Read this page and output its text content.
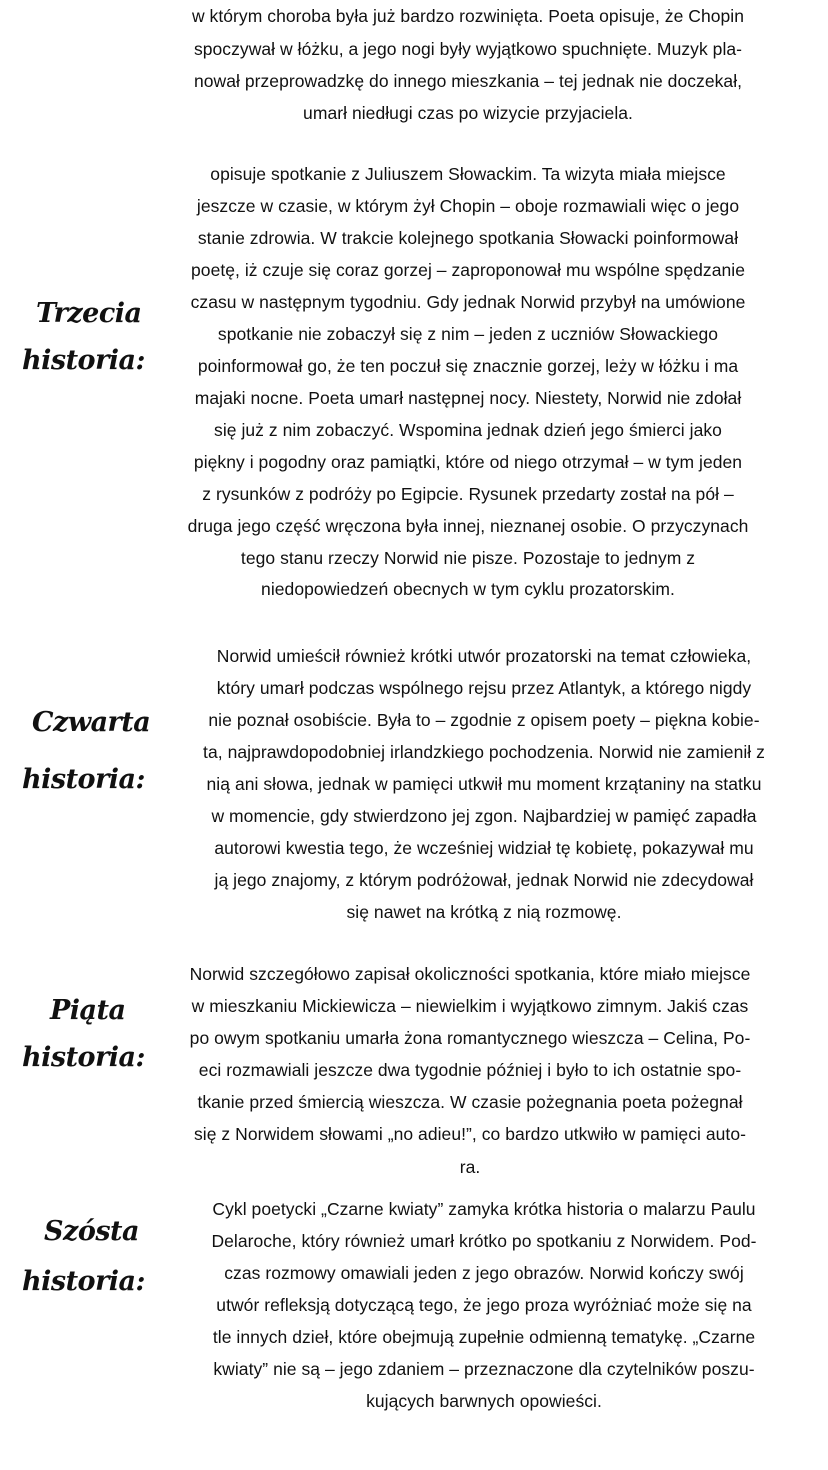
w którym choroba była już bardzo rozwinięta. Poeta opisuje, że Chopin
spoczywał w łóżku, a jego nogi były wyjątkowo spuchnięte. Muzyk pla-
nował przeprowadzkę do innego mieszkania – tej jednak nie doczekał,
umarł niedługi czas po wizycie przyjaciela.
Trzecia
historia:
opisuje spotkanie z Juliuszem Słowackim. Ta wizyta miała miejsce
jeszcze w czasie, w którym żył Chopin – oboje rozmawiali więc o jego
stanie zdrowia. W trakcie kolejnego spotkania Słowacki poinformował
poetę, iż czuje się coraz gorzej – zaproponował mu wspólne spędzanie
czasu w następnym tygodniu. Gdy jednak Norwid przybył na umówione
spotkanie nie zobaczył się z nim – jeden z uczniów Słowackiego
poinformował go, że ten poczuł się znacznie gorzej, leży w łóżku i ma
majaki nocne. Poeta umarł następnej nocy. Niestety, Norwid nie zdołał
się już z nim zobaczyć. Wspomina jednak dzień jego śmierci jako
piękny i pogodny oraz pamiątki, które od niego otrzymał – w tym jeden
z rysunków z podróży po Egipcie. Rysunek przedarty został na pół –
druga jego część wręczona była innej, nieznanej osobie. O przyczynach
tego stanu rzeczy Norwid nie pisze. Pozostaje to jednym z
niedopowiedzeń obecnych w tym cyklu prozatorskim.
Czwarta
historia:
Norwid umieścił również krótki utwór prozatorski na temat człowieka,
który umarł podczas wspólnego rejsu przez Atlantyk, a którego nigdy
nie poznał osobiście. Była to – zgodnie z opisem poety – piękna kobie-
ta, najprawdopodobniej irlandzkiego pochodzenia. Norwid nie zamienił z
nią ani słowa, jednak w pamięci utkwił mu moment krzątaniny na statku
w momencie, gdy stwierdzono jej zgon. Najbardziej w pamięć zapadła
autorowi kwestia tego, że wcześniej widział tę kobietę, pokazywał mu
ją jego znajomy, z którym podróżował, jednak Norwid nie zdecydował
się nawet na krótką z nią rozmowę.
Piąta
historia:
Norwid szczegółowo zapisał okoliczności spotkania, które miało miejsce
w mieszkaniu Mickiewicza – niewielkim i wyjątkowo zimnym. Jakiś czas
po owym spotkaniu umarła żona romantycznego wieszcza – Celina, Po-
eci rozmawiali jeszcze dwa tygodnie później i było to ich ostatnie spo-
tkanie przed śmiercią wieszcza. W czasie pożegnania poeta pożegnał
się z Norwidem słowami „no adieu!”, co bardzo utkwiło w pamięci auto-
ra.
Szósta
historia:
Cykl poetycki „Czarne kwiaty” zamyka krótka historia o malarzu Paulu
Delaroche, który również umarł krótko po spotkaniu z Norwidem. Pod-
czas rozmowy omawiali jeden z jego obrazów. Norwid kończy swój
utwór refleksją dotyczącą tego, że jego proza wyróżniać może się na
tle innych dzieł, które obejmują zupełnie odmienną tematykę. „Czarne
kwiaty” nie są – jego zdaniem – przeznaczone dla czytelników poszu-
kujących barwnych opowieści.
